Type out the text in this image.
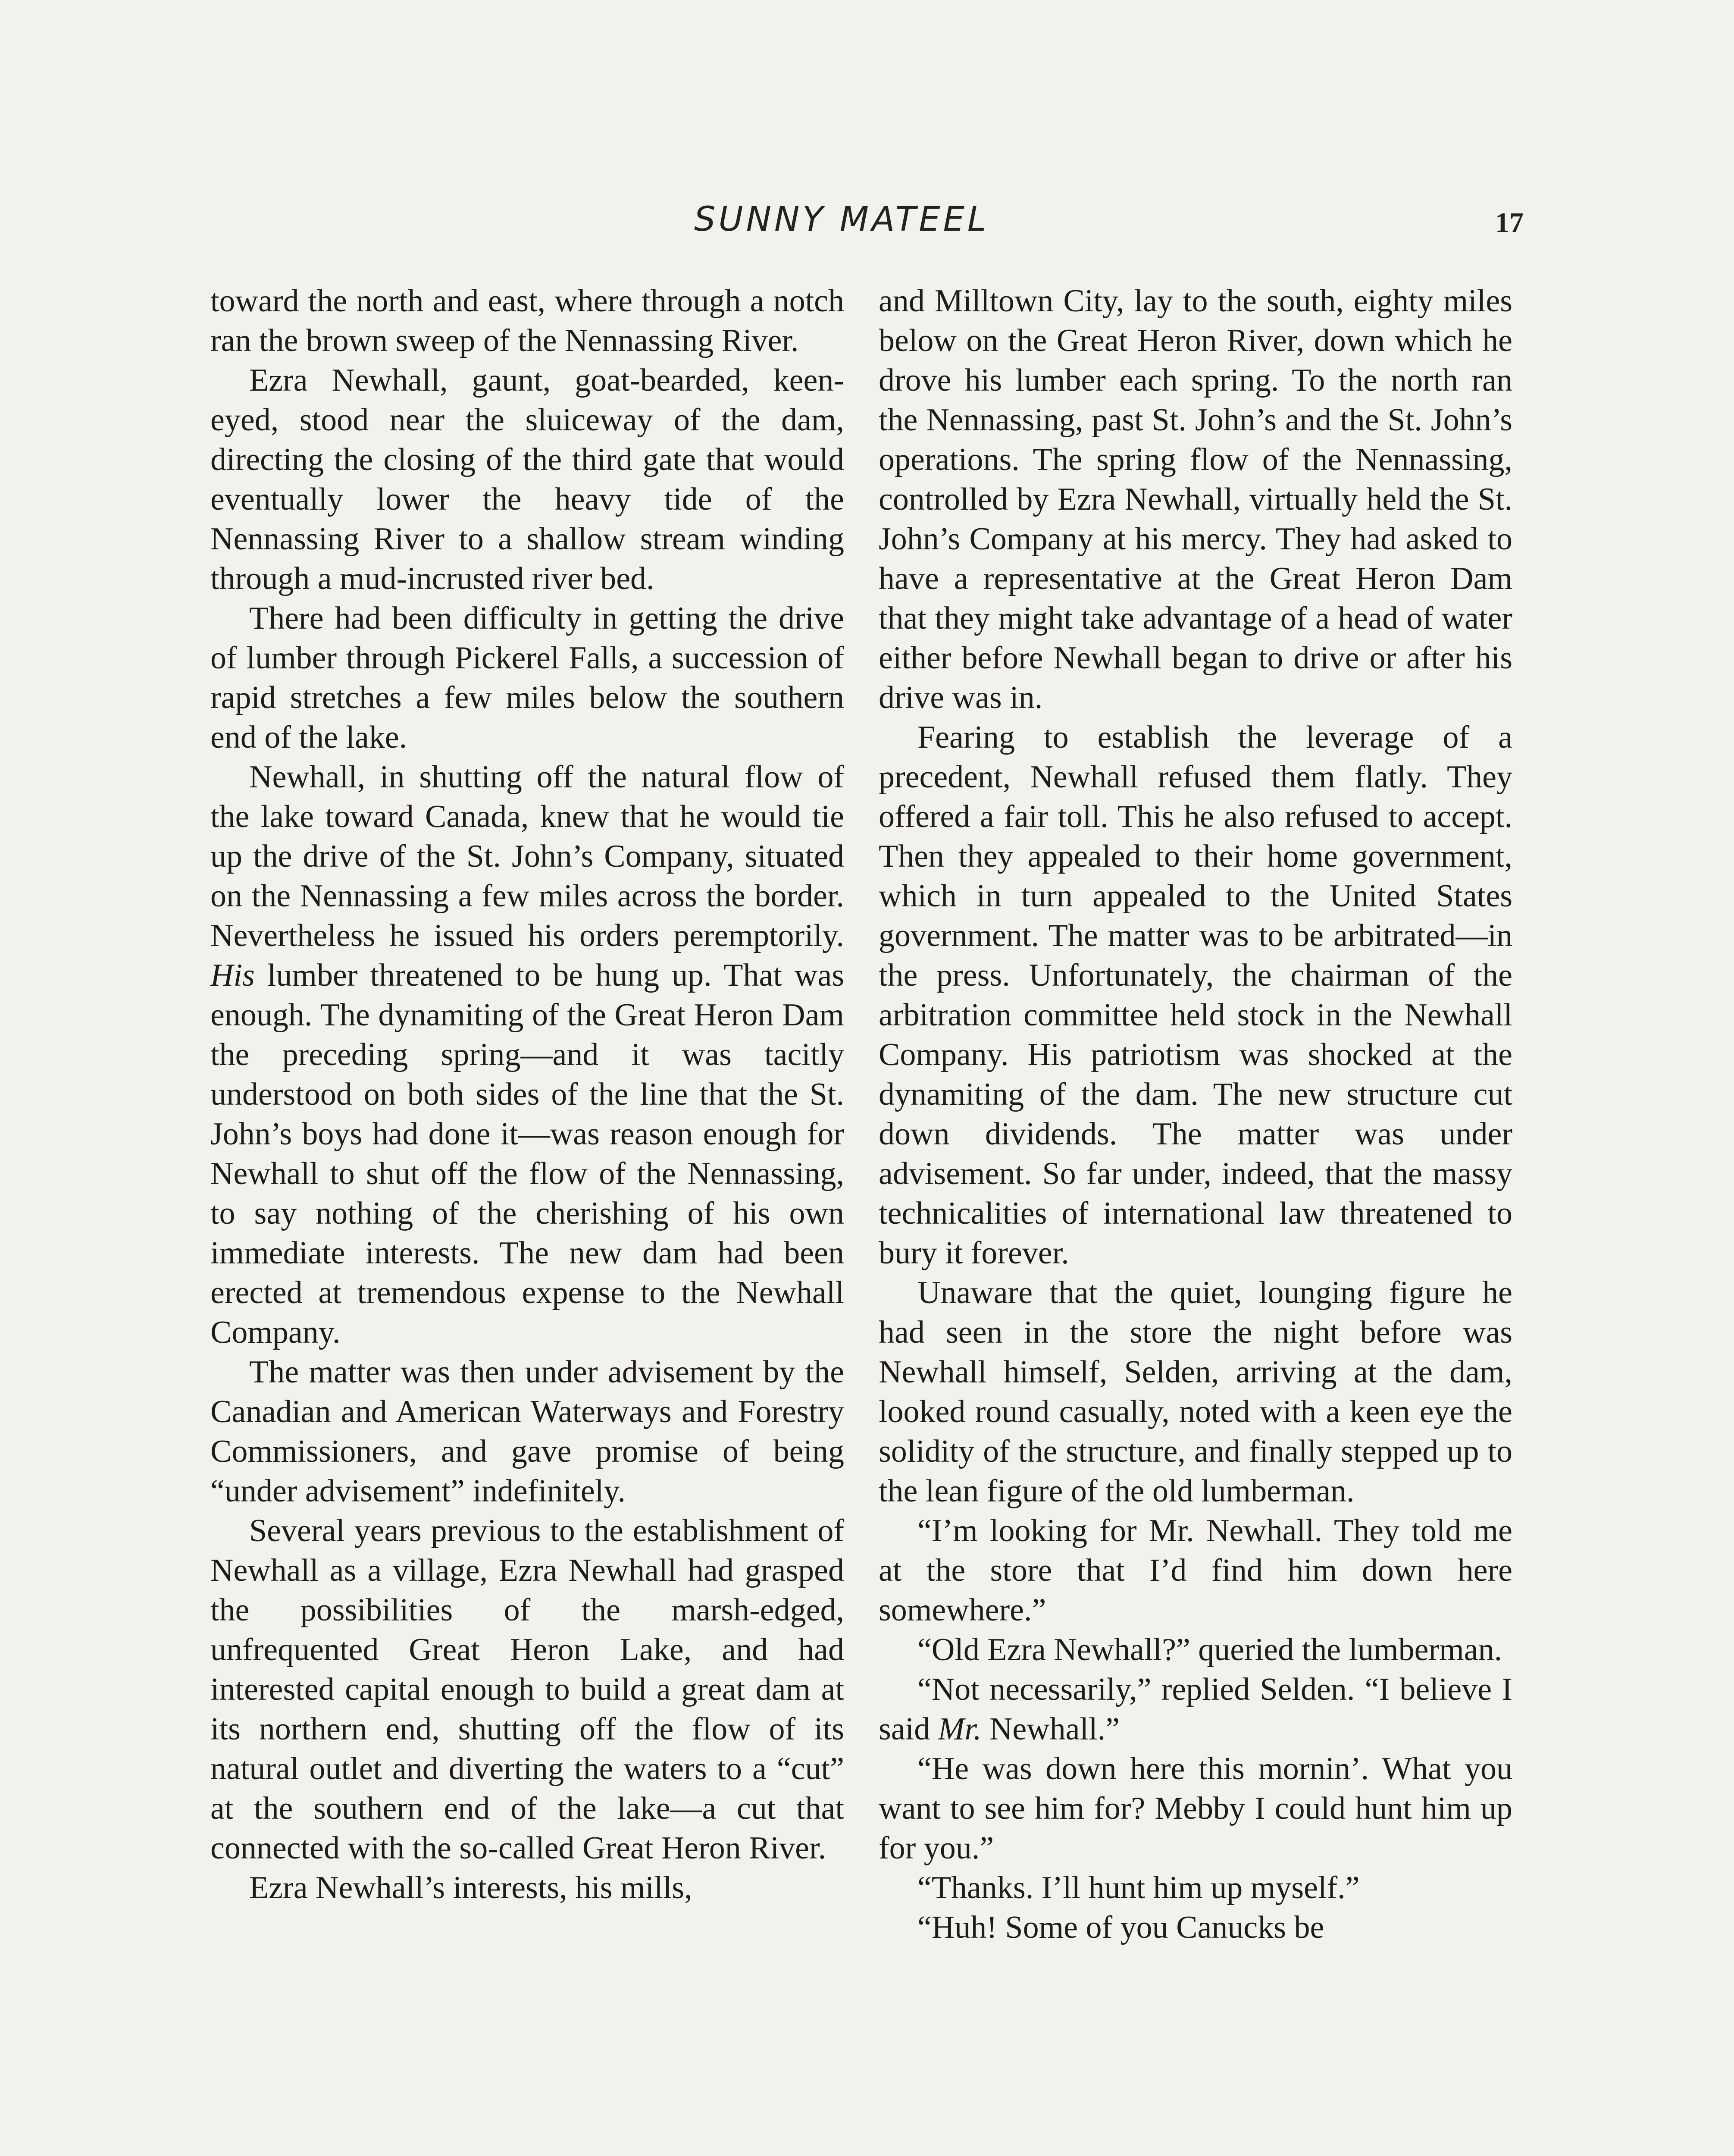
SUNNY MATEEL	17

toward the north and east, where through a notch ran the brown sweep of the Nennassing River.

Ezra Newhall, gaunt, goat-bearded, keen-eyed, stood near the sluiceway of the dam, directing the closing of the third gate that would eventually lower the heavy tide of the Nennassing River to a shallow stream winding through a mud-incrusted river bed.

There had been difficulty in getting the drive of lumber through Pickerel Falls, a succession of rapid stretches a few miles below the southern end of the lake.

Newhall, in shutting off the natural flow of the lake toward Canada, knew that he would tie up the drive of the St. John’s Company, situated on the Nennassing a few miles across the border. Nevertheless he issued his orders peremptorily. His lumber threatened to be hung up. That was enough. The dynamiting of the Great Heron Dam the preceding spring—and it was tacitly understood on both sides of the line that the St. John’s boys had done it—was reason enough for Newhall to shut off the flow of the Nennassing, to say nothing of the cherishing of his own immediate interests. The new dam had been erected at tremendous expense to the Newhall Company.

The matter was then under advisement by the Canadian and American Waterways and Forestry Commissioners, and gave promise of being “under advisement” indefinitely.

Several years previous to the establishment of Newhall as a village, Ezra Newhall had grasped the possibilities of the marsh-edged, unfrequented Great Heron Lake, and had interested capital enough to build a great dam at its northern end, shutting off the flow of its natural outlet and diverting the waters to a “cut” at the southern end of the lake—a cut that connected with the so-called Great Heron River.

Ezra Newhall’s interests, his mills,

and Milltown City, lay to the south, eighty miles below on the Great Heron River, down which he drove his lumber each spring. To the north ran the Nennassing, past St. John’s and the St. John’s operations. The spring flow of the Nennassing, controlled by Ezra Newhall, virtually held the St. John’s Company at his mercy. They had asked to have a representative at the Great Heron Dam that they might take advantage of a head of water either before Newhall began to drive or after his drive was in.

Fearing to establish the leverage of a precedent, Newhall refused them flatly. They offered a fair toll. This he also refused to accept. Then they appealed to their home government, which in turn appealed to the United States government. The matter was to be arbitrated—in the press. Unfortunately, the chairman of the arbitration committee held stock in the Newhall Company. His patriotism was shocked at the dynamiting of the dam. The new structure cut down dividends. The matter was under advisement. So far under, indeed, that the massy technicalities of international law threatened to bury it forever.

Unaware that the quiet, lounging figure he had seen in the store the night before was Newhall himself, Selden, arriving at the dam, looked round casually, noted with a keen eye the solidity of the structure, and finally stepped up to the lean figure of the old lumberman.

“I’m looking for Mr. Newhall. They told me at the store that I’d find him down here somewhere.”

“Old Ezra Newhall?” queried the lumberman.

“Not necessarily,” replied Selden. “I believe I said Mr. Newhall.”

“He was down here this mornin’. What you want to see him for? Mebby I could hunt him up for you.”

“Thanks. I’ll hunt him up myself.”

“Huh! Some of you Canucks be
